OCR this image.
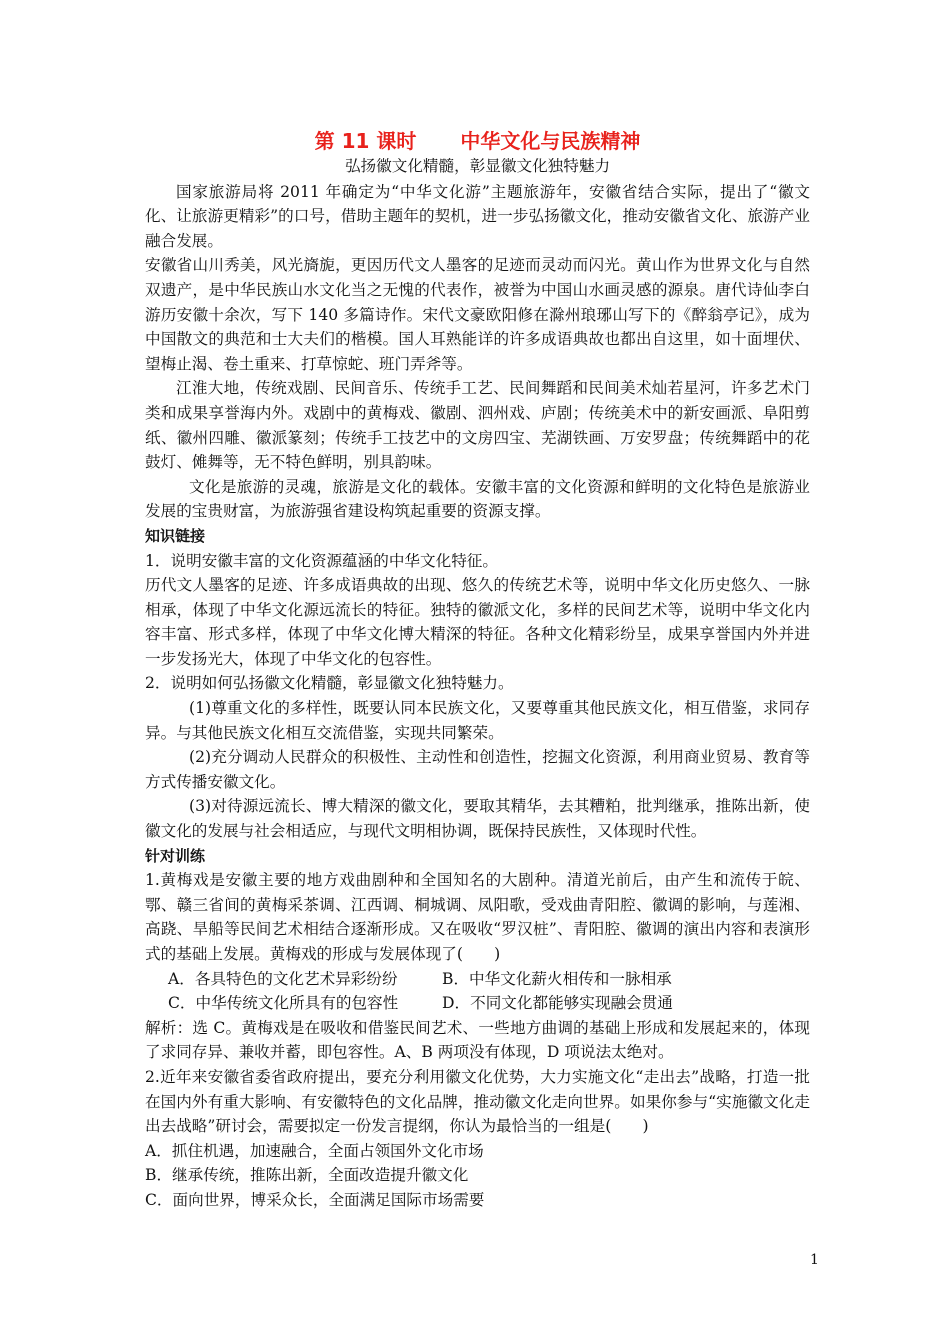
第 11 课时 中华文化与民族精神
弘扬徽文化精髓，彰显徽文化独特魅力

国家旅游局将 2011 年确定为“中华文化游”主题旅游年，安徽省结合实际，提出了“徽文化、让旅游更精彩”的口号，借助主题年的契机，进一步弘扬徽文化，推动安徽省文化、旅游产业融合发展。

安徽省山川秀美，风光旖旎，更因历代文人墨客的足迹而灵动而闪光。黄山作为世界文化与自然双遗产，是中华民族山水文化当之无愧的代表作，被誉为中国山水画灵感的源泉。唐代诗仙李白游历安徽十余次，写下 140 多篇诗作。宋代文豪欧阳修在滁州琅琊山写下的《醉翁亭记》，成为中国散文的典范和士大夫们的楷模。国人耳熟能详的许多成语典故也都出自这里，如十面埋伏、望梅止渴、卷土重来、打草惊蛇、班门弄斧等。

江淮大地，传统戏剧、民间音乐、传统手工艺、民间舞蹈和民间美术灿若星河，许多艺术门类和成果享誉海内外。戏剧中的黄梅戏、徽剧、泗州戏、庐剧；传统美术中的新安画派、阜阳剪纸、徽州四雕、徽派篆刻；传统手工技艺中的文房四宝、芜湖铁画、万安罗盘；传统舞蹈中的花鼓灯、傩舞等，无不特色鲜明，别具韵味。

文化是旅游的灵魂，旅游是文化的载体。安徽丰富的文化资源和鲜明的文化特色是旅游业发展的宝贵财富，为旅游强省建设构筑起重要的资源支撑。

知识链接

1．说明安徽丰富的文化资源蕴涵的中华文化特征。

历代文人墨客的足迹、许多成语典故的出现、悠久的传统艺术等，说明中华文化历史悠久、一脉相承，体现了中华文化源远流长的特征。独特的徽派文化，多样的民间艺术等，说明中华文化内容丰富、形式多样，体现了中华文化博大精深的特征。各种文化精彩纷呈，成果享誉国内外并进一步发扬光大，体现了中华文化的包容性。

2．说明如何弘扬徽文化精髓，彰显徽文化独特魅力。

(1)尊重文化的多样性，既要认同本民族文化，又要尊重其他民族文化，相互借鉴，求同存异。与其他民族文化相互交流借鉴，实现共同繁荣。

(2)充分调动人民群众的积极性、主动性和创造性，挖掘文化资源，利用商业贸易、教育等方式传播安徽文化。

(3)对待源远流长、博大精深的徽文化，要取其精华，去其糟粕，批判继承，推陈出新，使徽文化的发展与社会相适应，与现代文明相协调，既保持民族性，又体现时代性。

针对训练

1.黄梅戏是安徽主要的地方戏曲剧种和全国知名的大剧种。清道光前后，由产生和流传于皖、鄂、赣三省间的黄梅采茶调、江西调、桐城调、凤阳歌，受戏曲青阳腔、徽调的影响，与莲湘、高跷、旱船等民间艺术相结合逐渐形成。又在吸收“罗汉桩”、青阳腔、徽调的演出内容和表演形式的基础上发展。黄梅戏的形成与发展体现了(　　)

A．各具特色的文化艺术异彩纷纷	B．中华文化薪火相传和一脉相承
C．中华传统文化所具有的包容性	D．不同文化都能够实现融会贯通

解析：选 C。黄梅戏是在吸收和借鉴民间艺术、一些地方曲调的基础上形成和发展起来的，体现了求同存异、兼收并蓄，即包容性。A、B 两项没有体现，D 项说法太绝对。

2.近年来安徽省委省政府提出，要充分利用徽文化优势，大力实施文化“走出去”战略，打造一批在国内外有重大影响、有安徽特色的文化品牌，推动徽文化走向世界。如果你参与“实施徽文化走出去战略”研讨会，需要拟定一份发言提纲，你认为最恰当的一组是(　　)

A．抓住机遇，加速融合，全面占领国外文化市场

B．继承传统，推陈出新，全面改造提升徽文化

C．面向世界，博采众长，全面满足国际市场需要

1
